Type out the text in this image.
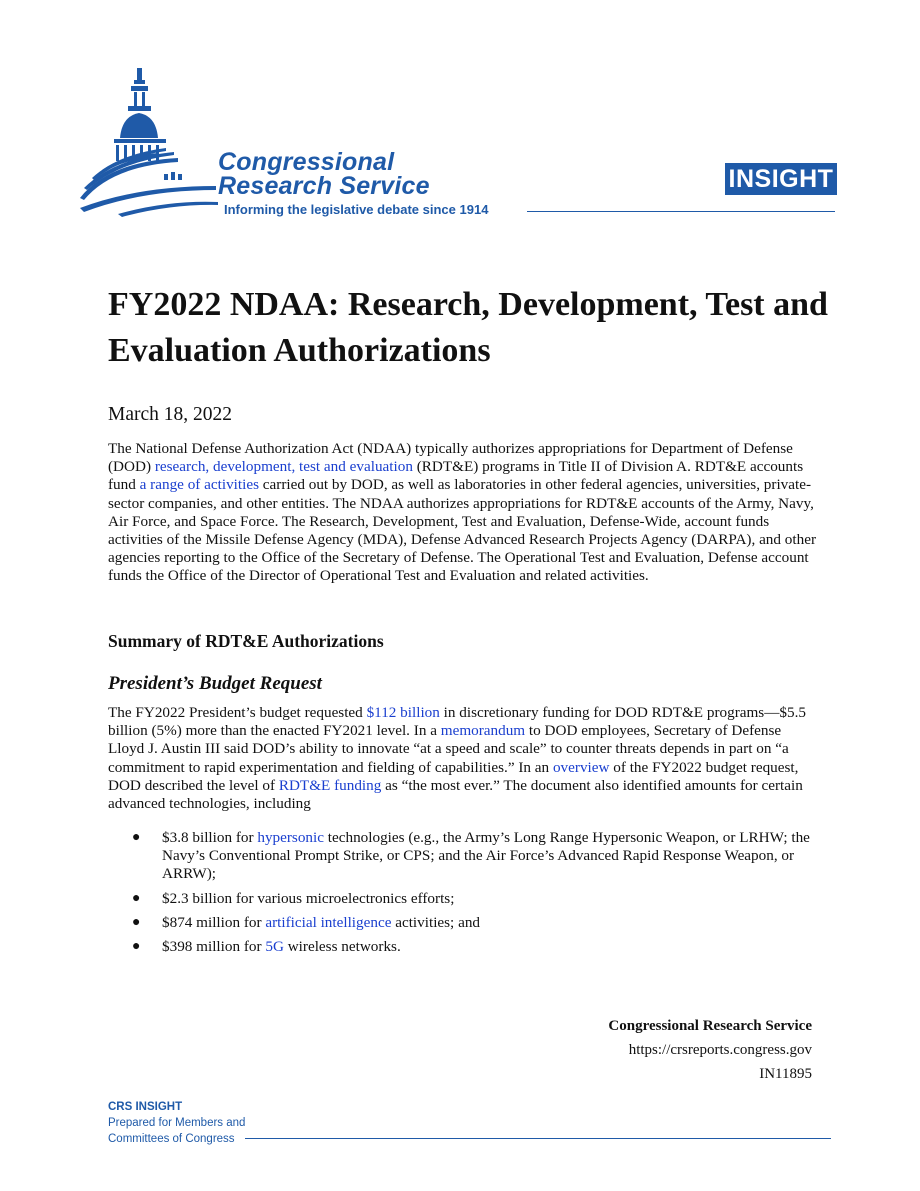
Congressional
Research Service
Informing the legislative debate since 1914
INSIGHT
FY2022 NDAA: Research, Development, Test and Evaluation Authorizations

March 18, 2022

The National Defense Authorization Act (NDAA) typically authorizes appropriations for Department of Defense (DOD) research, development, test and evaluation (RDT&E) programs in Title II of Division A. RDT&E accounts fund a range of activities carried out by DOD, as well as laboratories in other federal agencies, universities, private-sector companies, and other entities. The NDAA authorizes appropriations for RDT&E accounts of the Army, Navy, Air Force, and Space Force. The Research, Development, Test and Evaluation, Defense-Wide, account funds activities of the Missile Defense Agency (MDA), Defense Advanced Research Projects Agency (DARPA), and other agencies reporting to the Office of the Secretary of Defense. The Operational Test and Evaluation, Defense account funds the Office of the Director of Operational Test and Evaluation and related activities.

Summary of RDT&E Authorizations
President’s Budget Request

The FY2022 President’s budget requested $112 billion in discretionary funding for DOD RDT&E programs—$5.5 billion (5%) more than the enacted FY2021 level. In a memorandum to DOD employees, Secretary of Defense Lloyd J. Austin III said DOD’s ability to innovate “at a speed and scale” to counter threats depends in part on “a commitment to rapid experimentation and fielding of capabilities.” In an overview of the FY2022 budget request, DOD described the level of RDT&E funding as “the most ever.” The document also identified amounts for certain advanced technologies, including

● $3.8 billion for hypersonic technologies (e.g., the Army’s Long Range Hypersonic Weapon, or LRHW; the Navy’s Conventional Prompt Strike, or CPS; and the Air Force’s Advanced Rapid Response Weapon, or ARRW);
● $2.3 billion for various microelectronics efforts;
● $874 million for artificial intelligence activities; and
● $398 million for 5G wireless networks.
Congressional Research Service
https://crsreports.congress.gov
IN11895
CRS INSIGHT
Prepared for Members and
Committees of Congress
